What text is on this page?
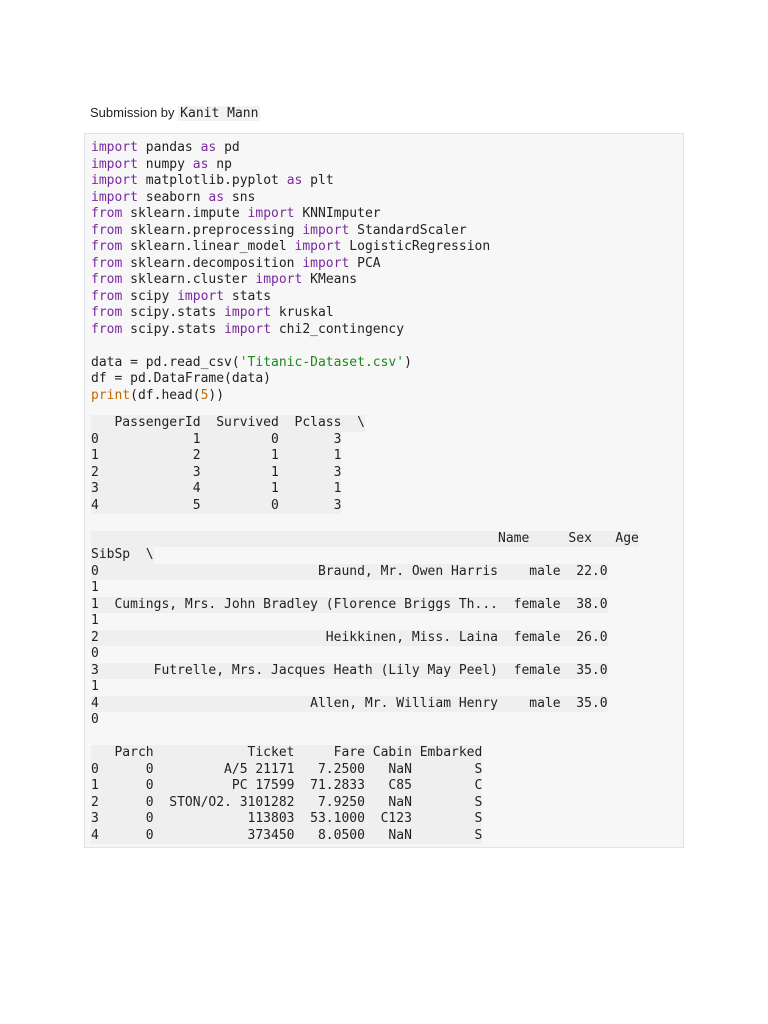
Submission by Kanit Mann
import pandas as pd
import numpy as np
import matplotlib.pyplot as plt
import seaborn as sns
from sklearn.impute import KNNImputer
from sklearn.preprocessing import StandardScaler
from sklearn.linear_model import LogisticRegression
from sklearn.decomposition import PCA
from sklearn.cluster import KMeans
from scipy import stats
from scipy.stats import kruskal
from scipy.stats import chi2_contingency
data = pd.read_csv('Titanic-Dataset.csv')
df = pd.DataFrame(data)
print(df.head(5))
PassengerId  Survived  Pclass  \
0            1         0       3
1            2         1       1
2            3         1       3
3            4         1       1
4            5         0       3
Name     Sex   Age
SibSp  \
0                            Braund, Mr. Owen Harris    male  22.0
1
1  Cumings, Mrs. John Bradley (Florence Briggs Th...  female  38.0
1
2                             Heikkinen, Miss. Laina  female  26.0
0
3       Futrelle, Mrs. Jacques Heath (Lily May Peel)  female  35.0
1
4                           Allen, Mr. William Henry    male  35.0
0
Parch            Ticket     Fare Cabin Embarked
0      0         A/5 21171   7.2500   NaN        S
1      0          PC 17599  71.2833   C85        C
2      0  STON/O2. 3101282   7.9250   NaN        S
3      0            113803  53.1000  C123        S
4      0            373450   8.0500   NaN        S
